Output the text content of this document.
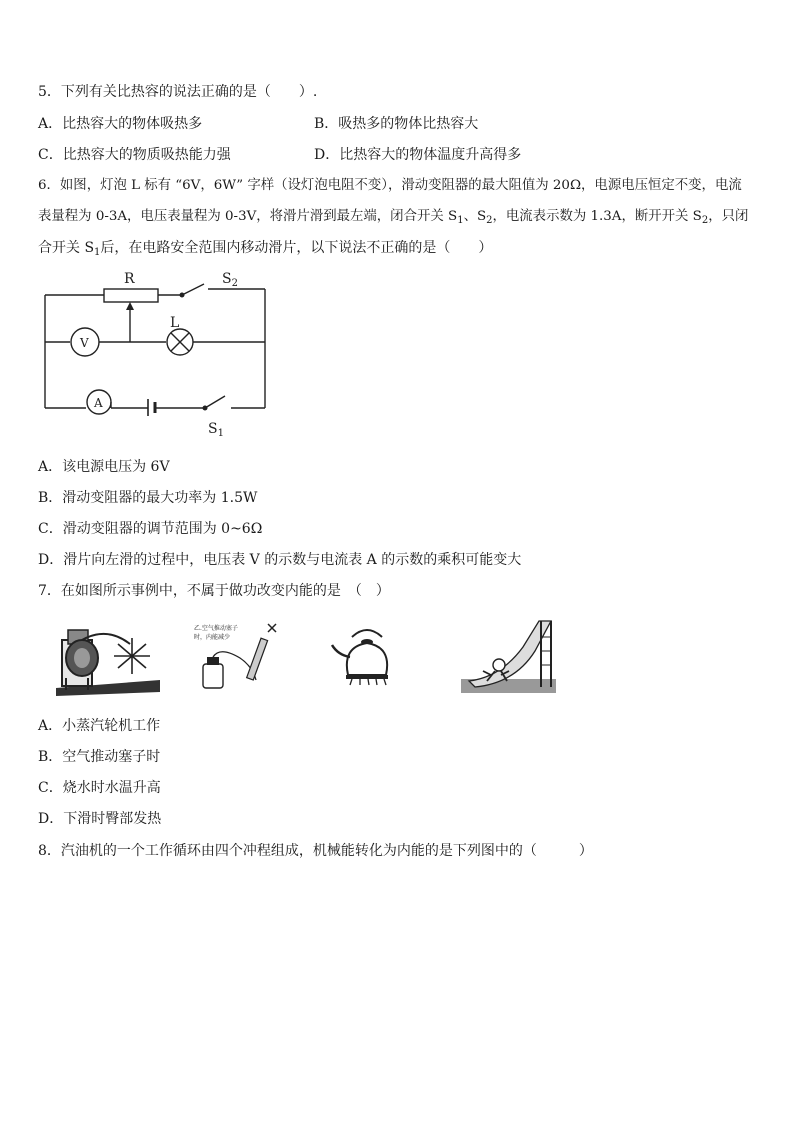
5．下列有关比热容的说法正确的是（　　）.
A．比热容大的物体吸热多	B．吸热多的物体比热容大
C．比热容大的物质吸热能力强	D．比热容大的物体温度升高得多
6．如图，灯泡 L 标有 “6V，6W” 字样（设灯泡电阻不变），滑动变阻器的最大阻值为 20Ω，电源电压恒定不变，电流
表量程为 0-3A，电压表量程为 0-3V，将滑片滑到最左端，闭合开关 $S_1$、$S_2$，电流表示数为 1.3A，断开开关 $S_2$，只闭
合开关 $S_1$后，在电路安全范围内移动滑片，以下说法不正确的是（　　）
R	$S_2$
V
L
A
$S_1$
A．该电源电压为 6V
B．滑动变阻器的最大功率为 1.5W
C．滑动变阻器的调节范围为 0~6Ω
D．滑片向左滑的过程中，电压表 V 的示数与电流表 A 的示数的乘积可能变大
7．在如图所示事例中，不属于做功改变内能的是　（　）
乙.空气推动塞子
时，内能减少
A．小蒸汽轮机工作
B．空气推动塞子时
C．烧水时水温升高
D．下滑时臀部发热
8．汽油机的一个工作循环由四个冲程组成，机械能转化为内能的是下列图中的（　　　）
